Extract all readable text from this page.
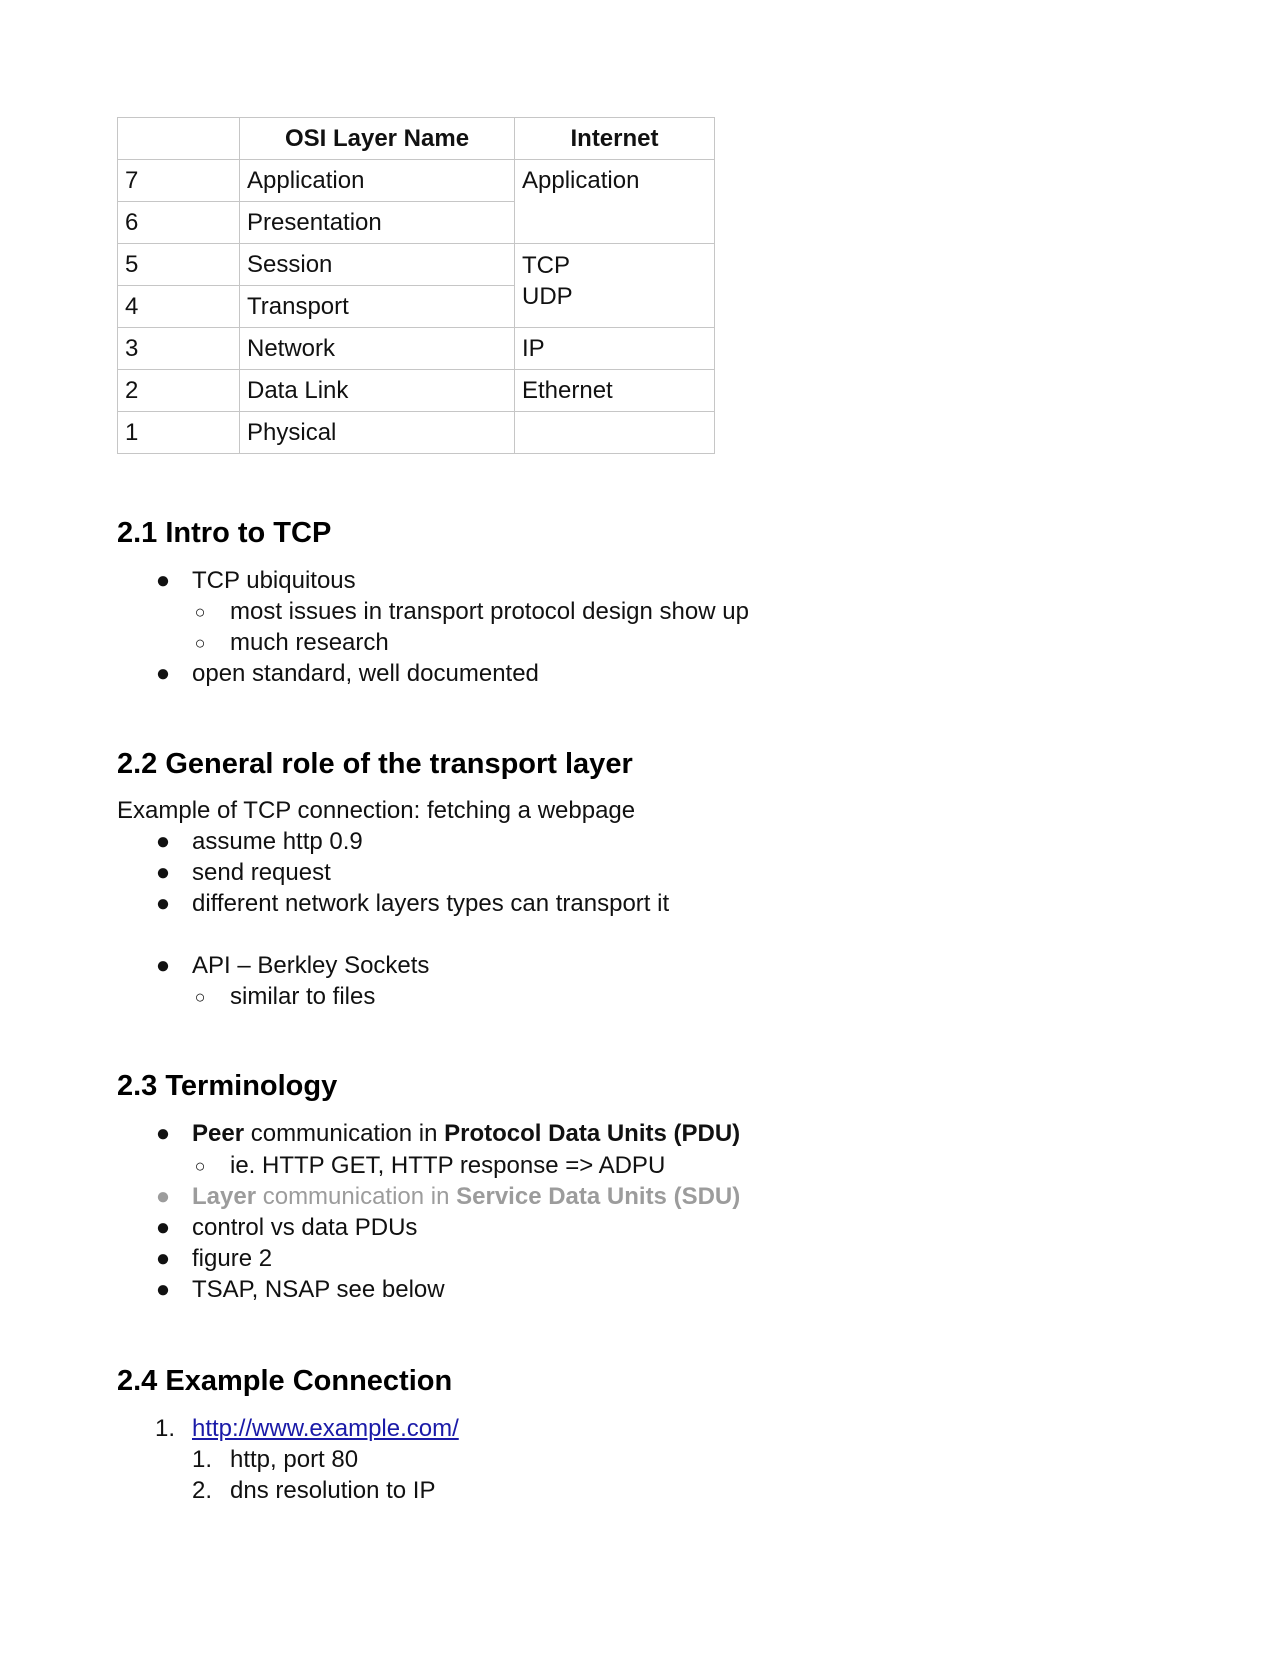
	OSI Layer Name	Internet
7	Application	Application
6	Presentation	
5	Session	TCP
UDP

4	Transport	
3	Network	IP
2	Data Link	Ethernet
1	Physical	
2.1 Intro to TCP
● TCP ubiquitous
○ most issues in transport protocol design show up
○ much research
● open standard, well documented
2.2 General role of the transport layer
Example of TCP connection: fetching a webpage
● assume http 0.9
● send request
● different network layers types can transport it
● API – Berkley Sockets
○ similar to files
2.3 Terminology
● Peer communication in Protocol Data Units (PDU)
○ ie. HTTP GET, HTTP response => ADPU
● Layer communication in Service Data Units (SDU)
● control vs data PDUs
● figure 2
● TSAP, NSAP see below
2.4 Example Connection
1. http://www.example.com/
1. http, port 80
2. dns resolution to IP
